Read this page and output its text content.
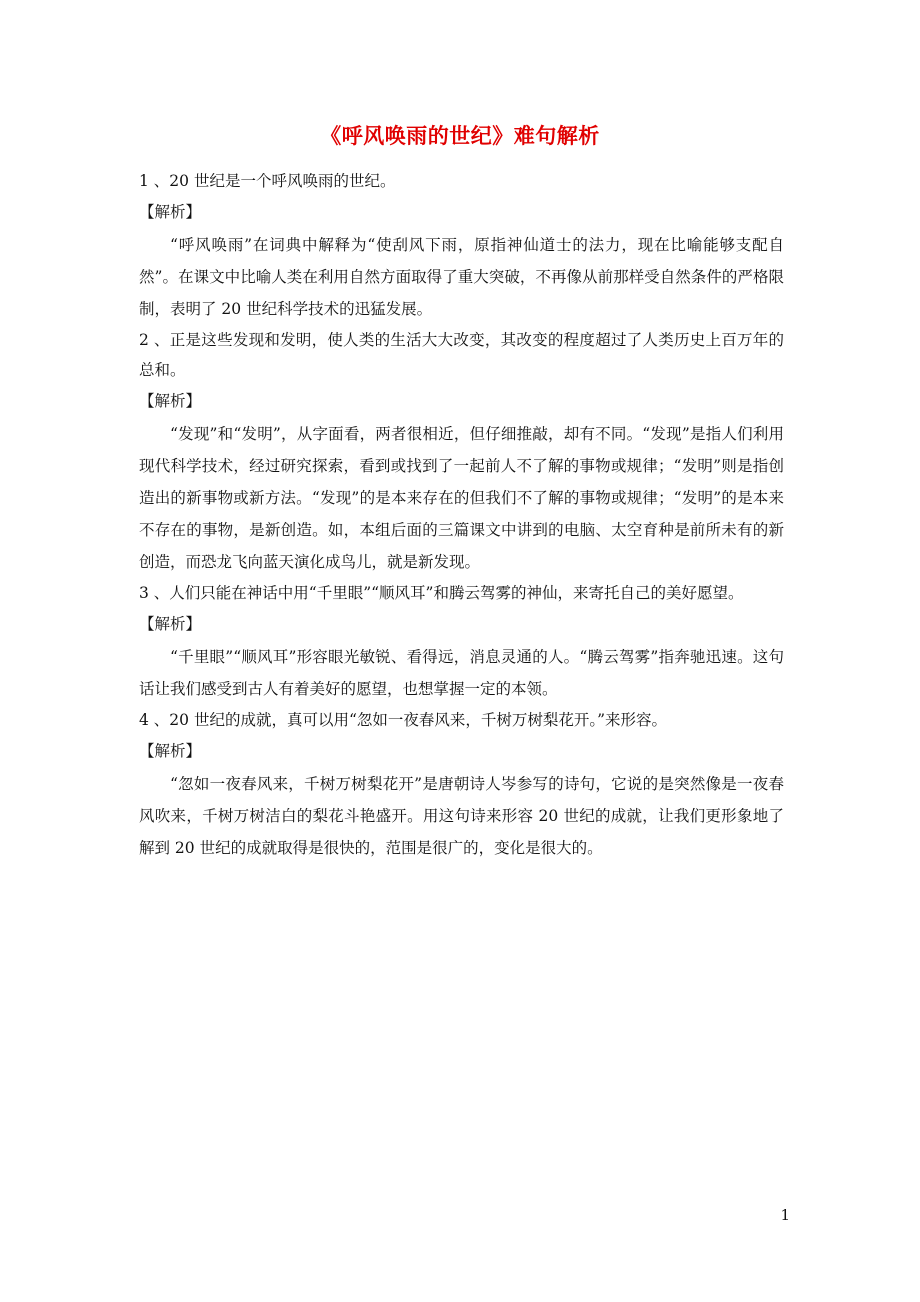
《呼风唤雨的世纪》难句解析

1 、20 世纪是一个呼风唤雨的世纪。

【解析】

“呼风唤雨”在词典中解释为“使刮风下雨，原指神仙道士的法力，现在比喻能够支配自然”。在课文中比喻人类在利用自然方面取得了重大突破，不再像从前那样受自然条件的严格限制，表明了 20 世纪科学技术的迅猛发展。

2 、正是这些发现和发明，使人类的生活大大改变，其改变的程度超过了人类历史上百万年的总和。

【解析】

“发现”和“发明”，从字面看，两者很相近，但仔细推敲，却有不同。“发现”是指人们利用现代科学技术，经过研究探索，看到或找到了一起前人不了解的事物或规律；“发明”则是指创造出的新事物或新方法。“发现”的是本来存在的但我们不了解的事物或规律；“发明”的是本来不存在的事物，是新创造。如，本组后面的三篇课文中讲到的电脑、太空育种是前所未有的新创造，而恐龙飞向蓝天演化成鸟儿，就是新发现。

3 、人们只能在神话中用“千里眼”“顺风耳”和腾云驾雾的神仙，来寄托自己的美好愿望。

【解析】

“千里眼”“顺风耳”形容眼光敏锐、看得远，消息灵通的人。“腾云驾雾”指奔驰迅速。这句话让我们感受到古人有着美好的愿望，也想掌握一定的本领。

4 、20 世纪的成就，真可以用“忽如一夜春风来，千树万树梨花开。”来形容。

【解析】

“忽如一夜春风来，千树万树梨花开”是唐朝诗人岑参写的诗句，它说的是突然像是一夜春风吹来，千树万树洁白的梨花斗艳盛开。用这句诗来形容 20 世纪的成就，让我们更形象地了解到 20 世纪的成就取得是很快的，范围是很广的，变化是很大的。

1
